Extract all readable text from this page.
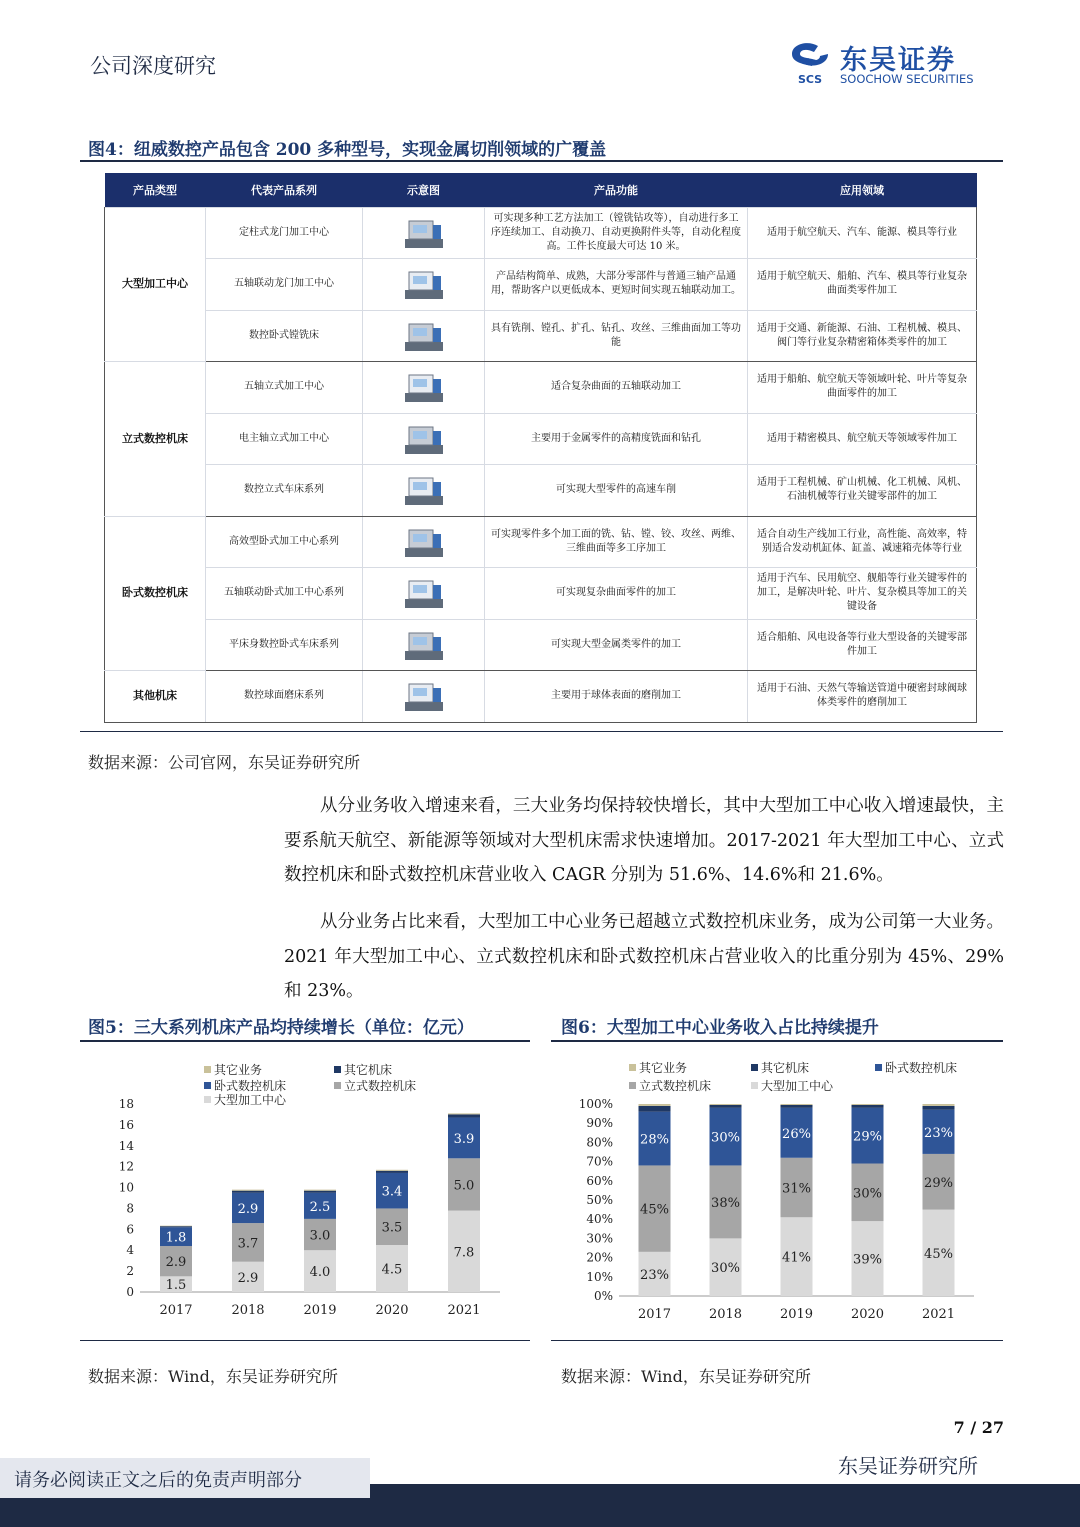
公司深度研究
SCS
东吴证券
SOOCHOW SECURITIES
图4：纽威数控产品包含 200 多种型号，实现金属切削领域的广覆盖
产品类型	代表产品系列	示意图	产品功能	应用领域
大型加工中心	定柱式龙门加工中心		可实现多种工艺方法加工（镗铣钻攻等），自动进行多工序连续加工、自动换刀、自动更换附件头等，自动化程度高。工件长度最大可达 10 米。	适用于航空航天、汽车、能源、模具等行业
	五轴联动龙门加工中心		产品结构简单、成熟，大部分零部件与普通三轴产品通用，帮助客户以更低成本、更短时间实现五轴联动加工。	适用于航空航天、船舶、汽车、模具等行业复杂曲面类零件加工
	数控卧式镗铣床		具有铣削、镗孔、扩孔、钻孔、攻丝、三维曲面加工等功能	适用于交通、新能源、石油、工程机械、模具、阀门等行业复杂精密箱体类零件的加工
立式数控机床	五轴立式加工中心		适合复杂曲面的五轴联动加工	适用于船舶、航空航天等领域叶轮、叶片等复杂曲面零件的加工
	电主轴立式加工中心		主要用于金属零件的高精度铣面和钻孔	适用于精密模具、航空航天等领域零件加工
	数控立式车床系列		可实现大型零件的高速车削	适用于工程机械、矿山机械、化工机械、风机、石油机械等行业关键零部件的加工
卧式数控机床	高效型卧式加工中心系列		可实现零件多个加工面的铣、钻、镗、铰、攻丝、两维、三维曲面等多工序加工	适合自动生产线加工行业，高性能、高效率，特别适合发动机缸体、缸盖、减速箱壳体等行业
	五轴联动卧式加工中心系列		可实现复杂曲面零件的加工	适用于汽车、民用航空、舰船等行业关键零件的加工，是解决叶轮、叶片、复杂模具等加工的关键设备
	平床身数控卧式车床系列		可实现大型金属类零件的加工	适合船舶、风电设备等行业大型设备的关键零部件加工
其他机床	数控球面磨床系列		主要用于球体表面的磨削加工	适用于石油、天然气等输送管道中硬密封球阀球体类零件的磨削加工
数据来源：公司官网，东吴证券研究所
从分业务收入增速来看，三大业务均保持较快增长，其中大型加工中心收入增速最快，主要系航天航空、新能源等领域对大型机床需求快速增加。2017-2021 年大型加工中心、立式数控机床和卧式数控机床营业收入 CAGR 分别为 51.6%、14.6%和 21.6%。
从分业务占比来看，大型加工中心业务已超越立式数控机床业务，成为公司第一大业务。2021 年大型加工中心、立式数控机床和卧式数控机床占营业收入的比重分别为 45%、29%和 23%。
图5：三大系列机床产品均持续增长（单位：亿元）
其它业务	其它机床
卧式数控机床	立式数控机床
大型加工中心
0
2
4
6
8
10
12
14
16
18
1.5
2.9
1.8
2017
2.9
3.7
2.9
2018
4.0
3.0
2.5
2019
4.5
3.5
3.4
2020
7.8
5.0
3.9
2021
数据来源：Wind，东吴证券研究所
图6：大型加工中心业务收入占比持续提升
其它业务	其它机床	卧式数控机床
立式数控机床	大型加工中心
0%
10%
20%
30%
40%
50%
60%
70%
80%
90%
100%
23%
45%
28%
2017
30%
38%
30%
2018
41%
31%
26%
2019
39%
30%
29%
2020
45%
29%
23%
2021
数据来源：Wind，东吴证券研究所
7 / 27
请务必阅读正文之后的免责声明部分
东吴证券研究所
